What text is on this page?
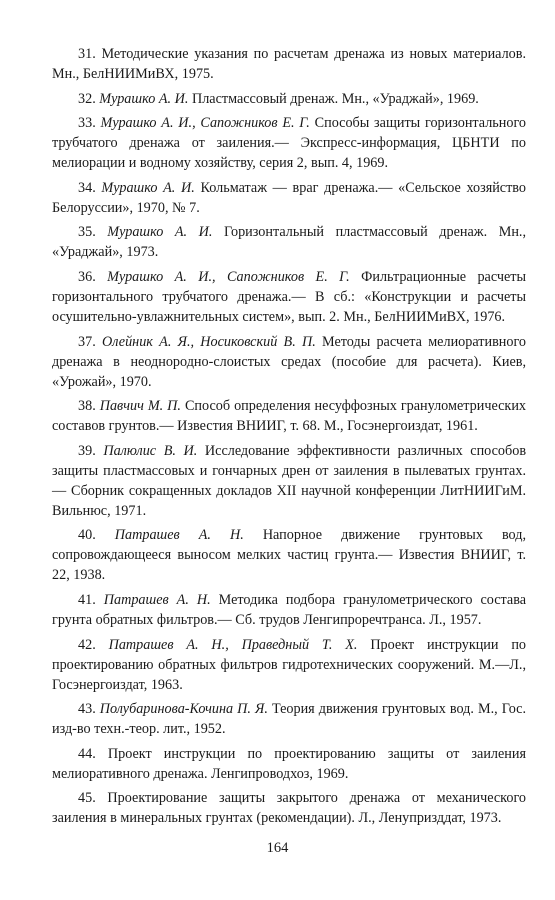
31. Методические указания по расчетам дренажа из новых материалов. Мн., БелНИИМиВХ, 1975.

32. Мурашко А. И. Пластмассовый дренаж. Мн., «Ураджай», 1969.

33. Мурашко А. И., Сапожников Е. Г. Способы защиты горизонтального трубчатого дренажа от заиления.— Экспресс-информация, ЦБНТИ по мелиорации и водному хозяйству, серия 2, вып. 4, 1969.

34. Мурашко А. И. Кольматаж — враг дренажа.— «Сельское хозяйство Белоруссии», 1970, № 7.

35. Мурашко А. И. Горизонтальный пластмассовый дренаж. Мн., «Ураджай», 1973.

36. Мурашко А. И., Сапожников Е. Г. Фильтрационные расчеты горизонтального трубчатого дренажа.— В сб.: «Конструкции и расчеты осушительно-увлажнительных систем», вып. 2. Мн., БелНИИМиВХ, 1976.

37. Олейник А. Я., Носиковский В. П. Методы расчета мелиоративного дренажа в неоднородно-слоистых средах (пособие для расчета). Киев, «Урожай», 1970.

38. Павчич М. П. Способ определения несуффозных гранулометрических составов грунтов.— Известия ВНИИГ, т. 68. М., Госэнергоиздат, 1961.

39. Палюлис В. И. Исследование эффективности различных способов защиты пластмассовых и гончарных дрен от заиления в пылеватых грунтах.— Сборник сокращенных докладов XII научной конференции ЛитНИИГиМ. Вильнюс, 1971.

40. Патрашев А. Н. Напорное движение грунтовых вод, сопровождающееся выносом мелких частиц грунта.— Известия ВНИИГ, т. 22, 1938.

41. Патрашев А. Н. Методика подбора гранулометрического состава грунта обратных фильтров.— Сб. трудов Ленгипроречтранса. Л., 1957.

42. Патрашев А. Н., Праведный Т. Х. Проект инструкции по проектированию обратных фильтров гидротехнических сооружений. М.—Л., Госэнергоиздат, 1963.

43. Полубаринова-Кочина П. Я. Теория движения грунтовых вод. М., Гос. изд-во техн.-теор. лит., 1952.

44. Проект инструкции по проектированию защиты от заиления мелиоративного дренажа. Ленгипроводхоз, 1969.

45. Проектирование защиты закрытого дренажа от механического заиления в минеральных грунтах (рекомендации). Л., Ленупризддат, 1973.

164
